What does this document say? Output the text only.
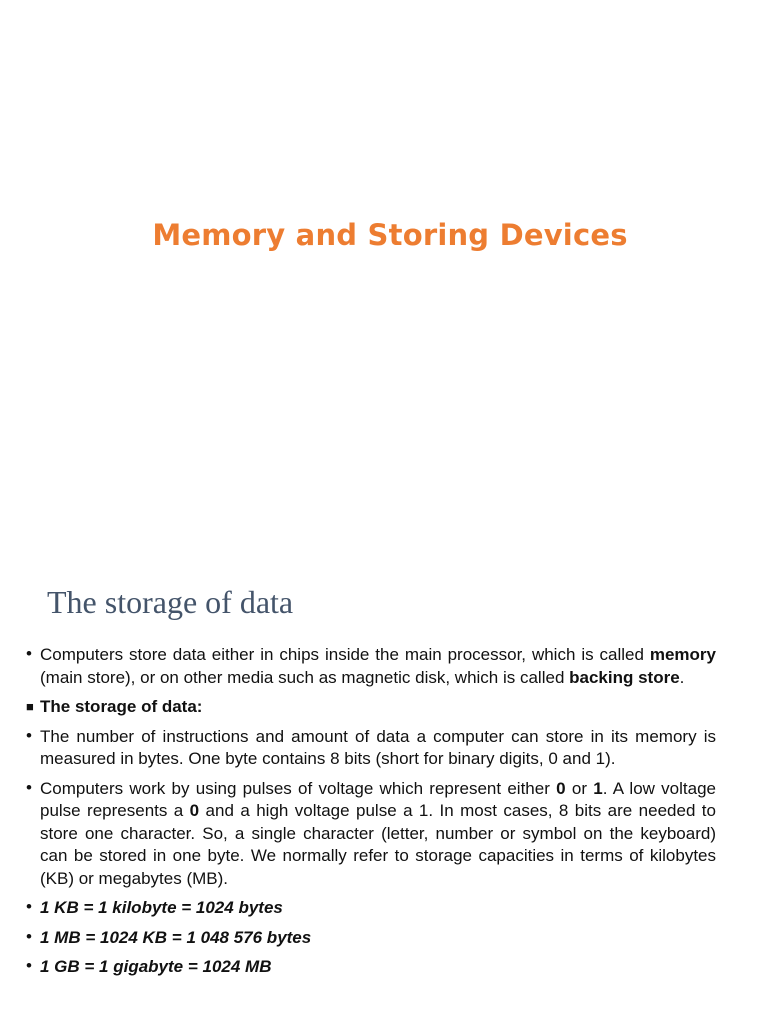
Memory and Storing Devices
The storage of data
• Computers store data either in chips inside the main processor, which is called memory (main store), or on other media such as magnetic disk, which is called backing store.
■ The storage of data:
• The number of instructions and amount of data a computer can store in its memory is measured in bytes. One byte contains 8 bits (short for binary digits, 0 and 1).
• Computers work by using pulses of voltage which represent either 0 or 1. A low voltage pulse represents a 0 and a high voltage pulse a 1. In most cases, 8 bits are needed to store one character. So, a single character (letter, number or symbol on the keyboard) can be stored in one byte. We normally refer to storage capacities in terms of kilobytes (KB) or megabytes (MB).
• 1 KB = 1 kilobyte = 1024 bytes
• 1 MB = 1024 KB = 1 048 576 bytes
• 1 GB = 1 gigabyte = 1024 MB
